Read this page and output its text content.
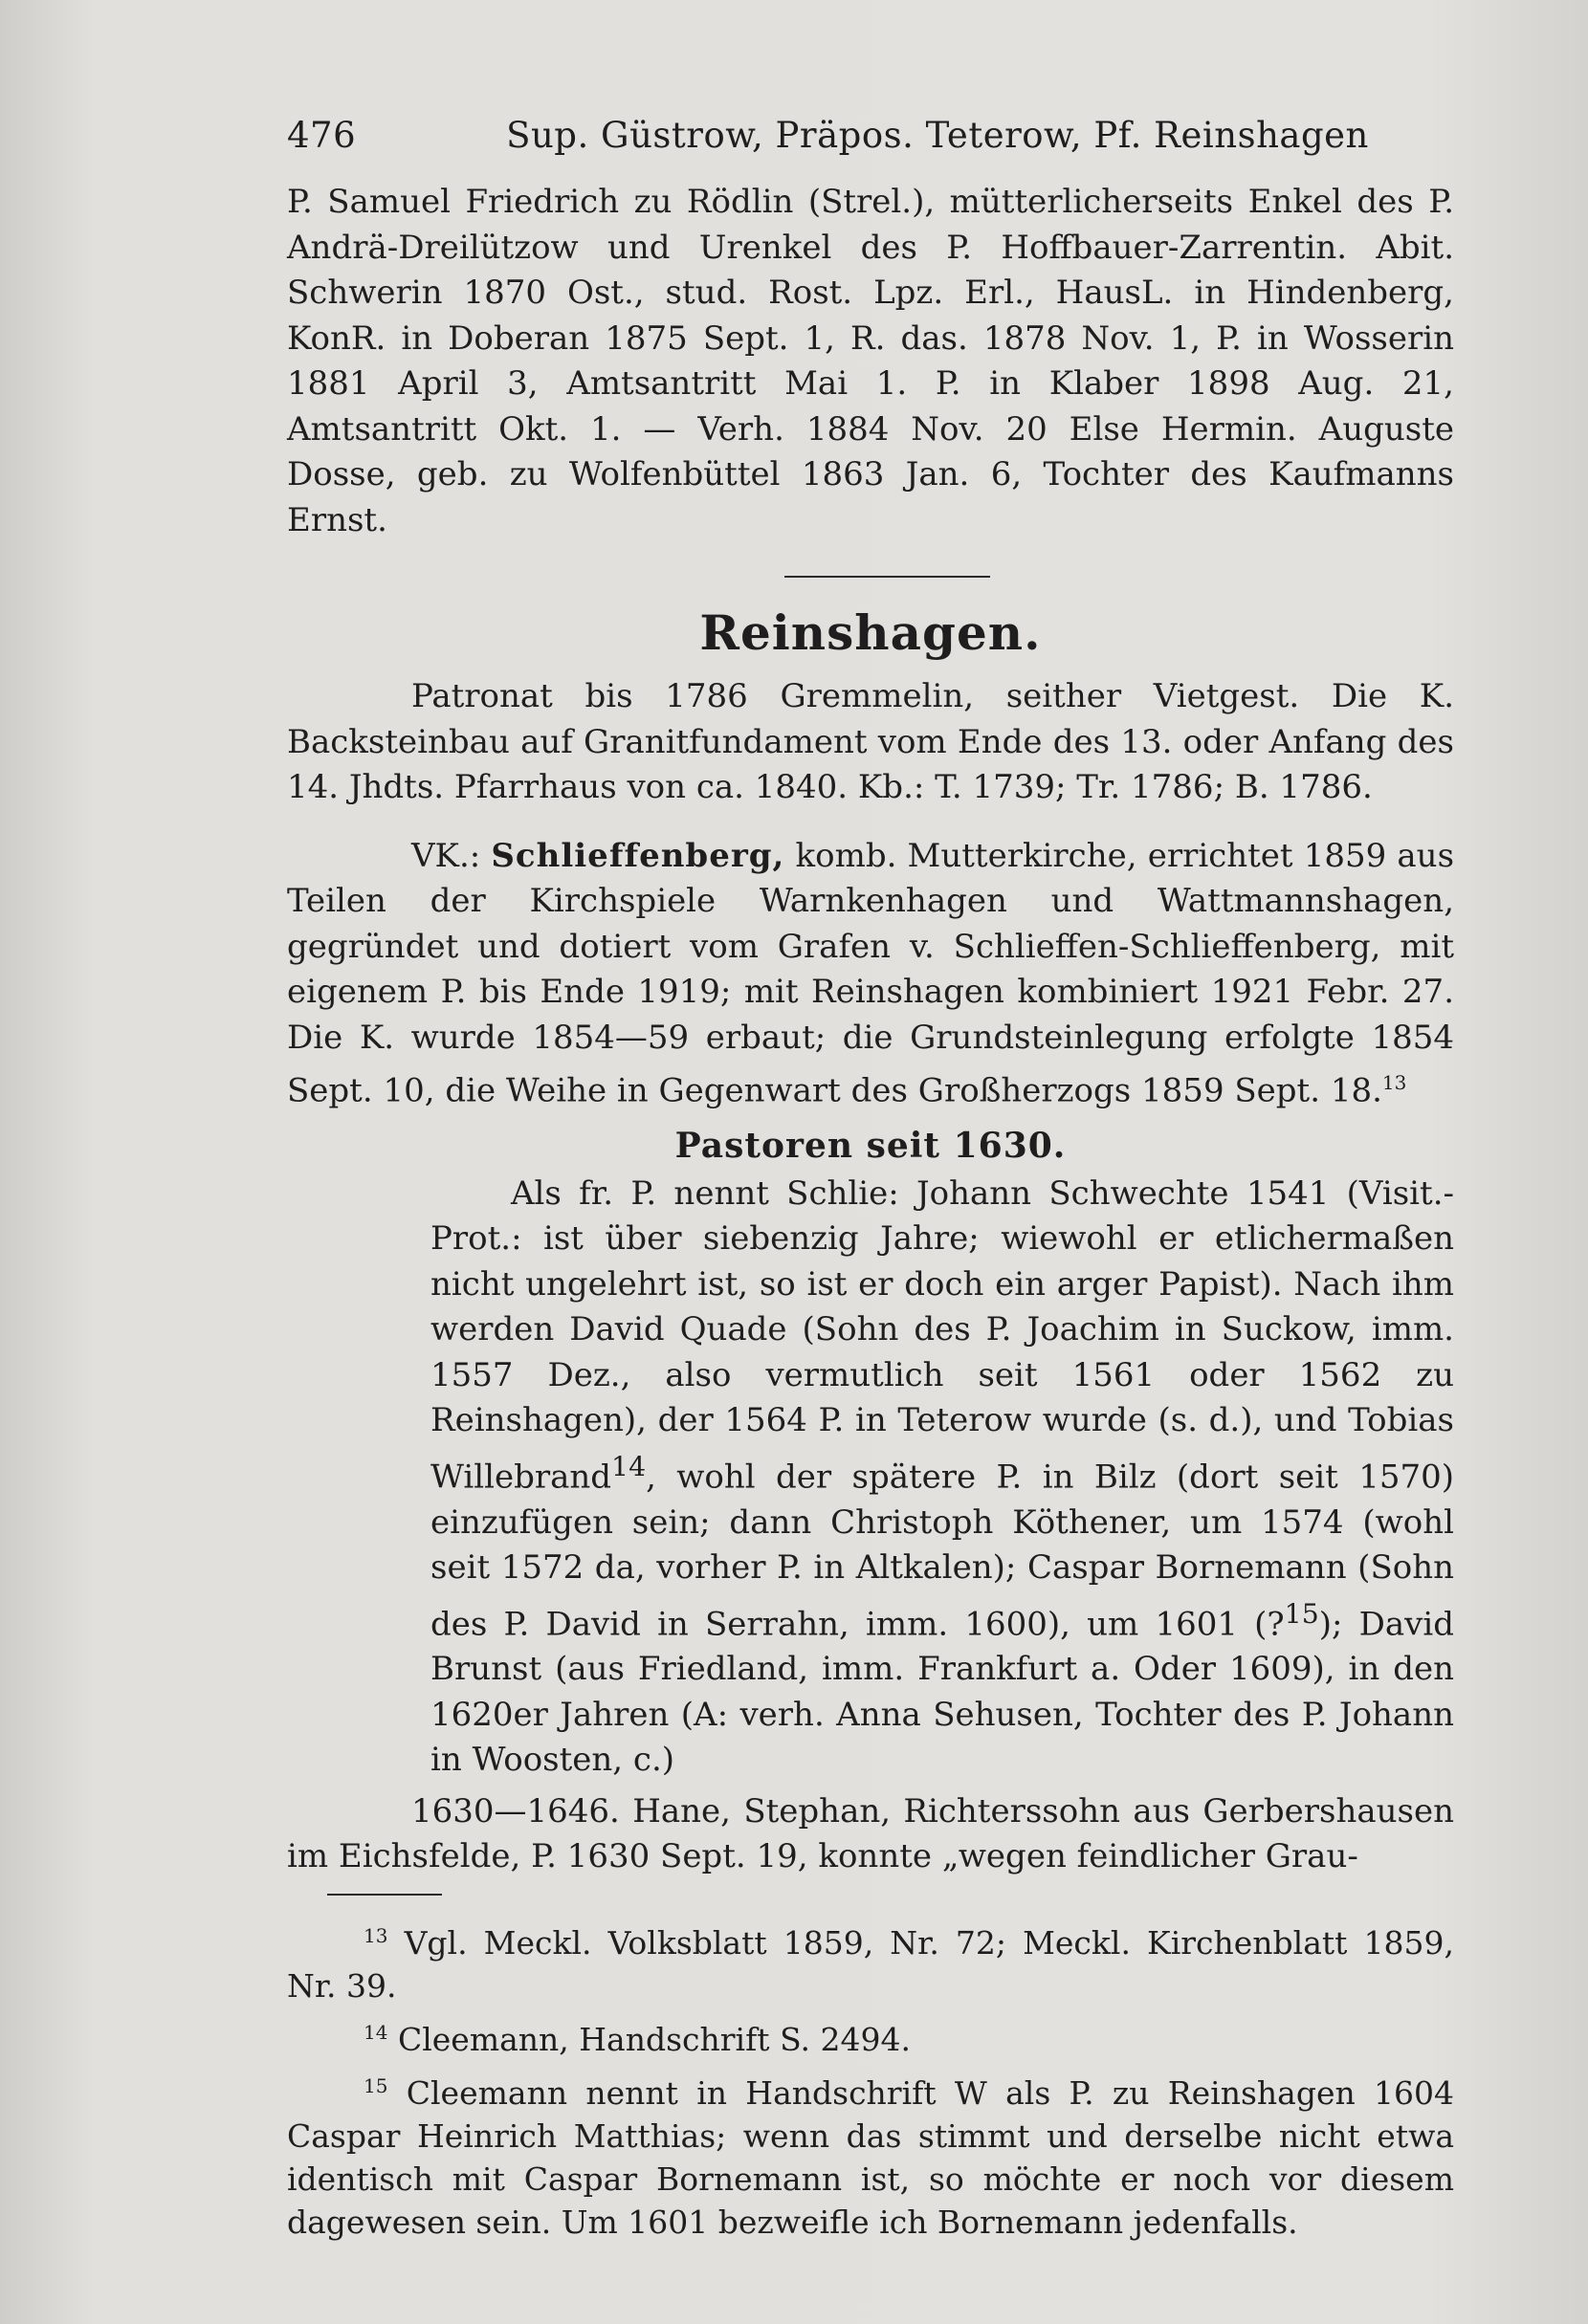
476	Sup. Güstrow, Präpos. Teterow, Pf. Reinshagen

P. Samuel Friedrich zu Rödlin (Strel.), mütterlicherseits Enkel des P. Andrä-Dreilützow und Urenkel des P. Hoffbauer-Zarrentin. Abit. Schwerin 1870 Ost., stud. Rost. Lpz. Erl., HausL. in Hindenberg, KonR. in Doberan 1875 Sept. 1, R. das. 1878 Nov. 1, P. in Wosserin 1881 April 3, Amtsantritt Mai 1. P. in Klaber 1898 Aug. 21, Amtsantritt Okt. 1. — Verh. 1884 Nov. 20 Else Hermin. Auguste Dosse, geb. zu Wolfenbüttel 1863 Jan. 6, Tochter des Kaufmanns Ernst.

Reinshagen.

Patronat bis 1786 Gremmelin, seither Vietgest. Die K. Backsteinbau auf Granitfundament vom Ende des 13. oder Anfang des 14. Jhdts. Pfarrhaus von ca. 1840. Kb.: T. 1739; Tr. 1786; B. 1786.

VK.: Schlieffenberg, komb. Mutterkirche, errichtet 1859 aus Teilen der Kirchspiele Warnkenhagen und Wattmannshagen, gegründet und dotiert vom Grafen v. Schlieffen-Schlieffenberg, mit eigenem P. bis Ende 1919; mit Reinshagen kombiniert 1921 Febr. 27. Die K. wurde 1854—59 erbaut; die Grundsteinlegung erfolgte 1854 Sept. 10, die Weihe in Gegenwart des Großherzogs 1859 Sept. 18.13

Pastoren seit 1630.

Als fr. P. nennt Schlie: Johann Schwechte 1541 (Visit.-Prot.: ist über siebenzig Jahre; wiewohl er etlichermaßen nicht ungelehrt ist, so ist er doch ein arger Papist). Nach ihm werden David Quade (Sohn des P. Joachim in Suckow, imm. 1557 Dez., also vermutlich seit 1561 oder 1562 zu Reinshagen), der 1564 P. in Teterow wurde (s. d.), und Tobias Willebrand$^{14}$, wohl der spätere P. in Bilz (dort seit 1570) einzufügen sein; dann Christoph Köthener, um 1574 (wohl seit 1572 da, vorher P. in Altkalen); Caspar Bornemann (Sohn des P. David in Serrahn, imm. 1600), um 1601 (?$^{15}$); David Brunst (aus Friedland, imm. Frankfurt a. Oder 1609), in den 1620er Jahren (A: verh. Anna Sehusen, Tochter des P. Johann in Woosten, c.)

1630—1646. Hane, Stephan, Richterssohn aus Gerbershausen im Eichsfelde, P. 1630 Sept. 19, konnte „wegen feindlicher Grau-

$^{13}$ Vgl. Meckl. Volksblatt 1859, Nr. 72; Meckl. Kirchenblatt 1859, Nr. 39.

$^{14}$ Cleemann, Handschrift S. 2494.

$^{15}$ Cleemann nennt in Handschrift W als P. zu Reinshagen 1604 Caspar Heinrich Matthias; wenn das stimmt und derselbe nicht etwa identisch mit Caspar Bornemann ist, so möchte er noch vor diesem dagewesen sein. Um 1601 bezweifle ich Bornemann jedenfalls.
